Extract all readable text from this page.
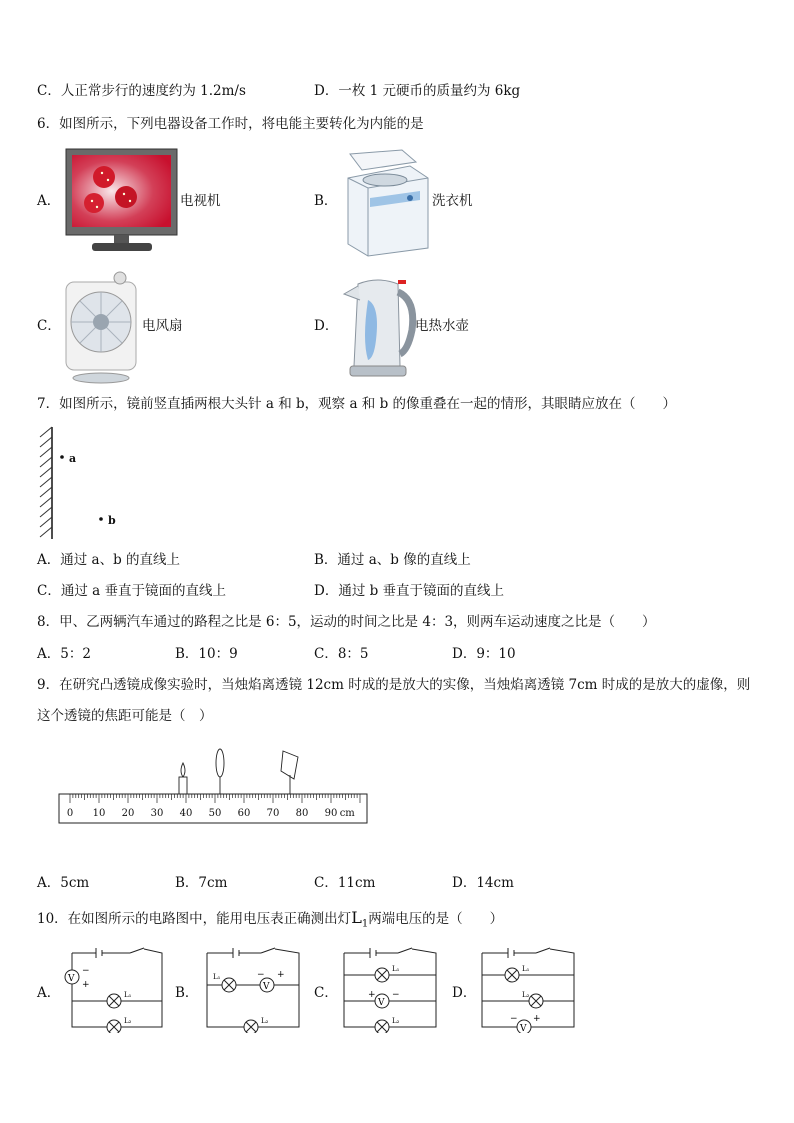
C．人正常步行的速度约为 1.2m/s	D．一枚 1 元硬币的质量约为 6kg
6．如图所示，下列电器设备工作时，将电能主要转化为内能的是
A．	电视机	B．	洗衣机
C．	电风扇	D．	电热水壶
7．如图所示，镜前竖直插两根大头针 a 和 b，观察 a 和 b 的像重叠在一起的情形，其眼睛应放在（　　）
a
b
A．通过 a、b 的直线上	B．通过 a、b 像的直线上
C．通过 a 垂直于镜面的直线上	D．通过 b 垂直于镜面的直线上
8．甲、乙两辆汽车通过的路程之比是 6：5，运动的时间之比是 4：3，则两车运动速度之比是（　　）
A．5：2	B．10：9	C．8：5	D．9：10
9．在研究凸透镜成像实验时，当烛焰离透镜 12cm 时成的是放大的实像，当烛焰离透镜 7cm 时成的是放大的虚像，则
这个透镜的焦距可能是（　）
0 10 20 30 40 50 60 70 80 90 cm
A．5cm	B．7cm	C．11cm	D．14cm
10．在如图所示的电路图中，能用电压表正确测出灯$L_1$两端电压的是（　　）
A．	B．	C．	D．
V
−
+
L₁
L₂
L₁
V
− +
L₂
L₁
V
+ −
L₂
L₁
L₂
V
− +
